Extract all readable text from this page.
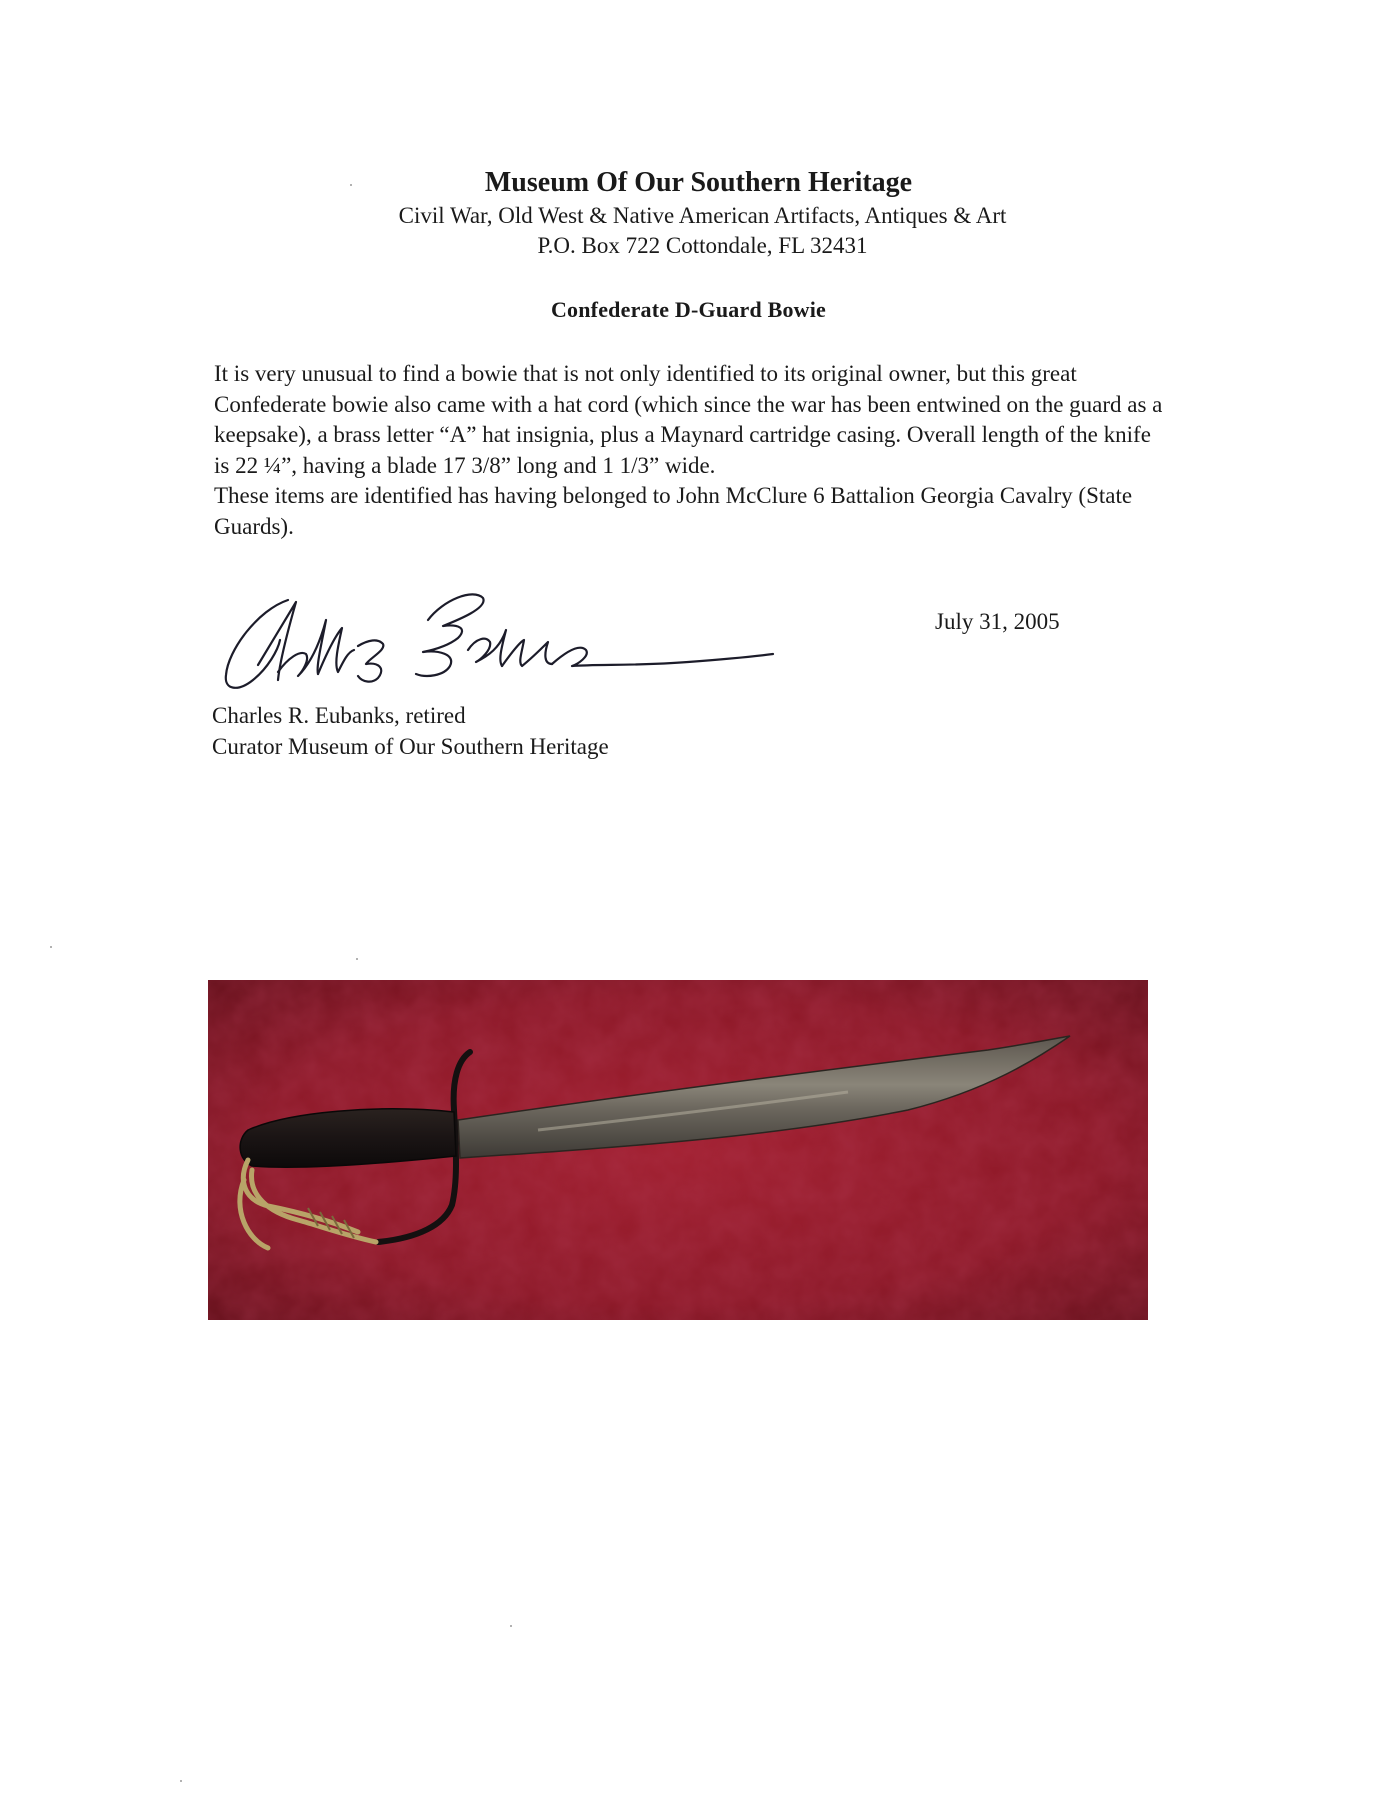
Museum Of Our Southern Heritage
Civil War, Old West & Native American Artifacts, Antiques & Art
P.O. Box 722 Cottondale, FL 32431
Confederate D-Guard Bowie

It is very unusual to find a bowie that is not only identified to its original owner, but this great Confederate bowie also came with a hat cord (which since the war has been entwined on the guard as a keepsake), a brass letter “A” hat insignia, plus a Maynard cartridge casing. Overall length of the knife is 22 ¼”, having a blade 17 3/8” long and 1 1/3” wide.

These items are identified has having belonged to John McClure 6 Battalion Georgia Cavalry (State Guards).

July 31, 2005
Charles R. Eubanks, retired
Curator Museum of Our Southern Heritage
